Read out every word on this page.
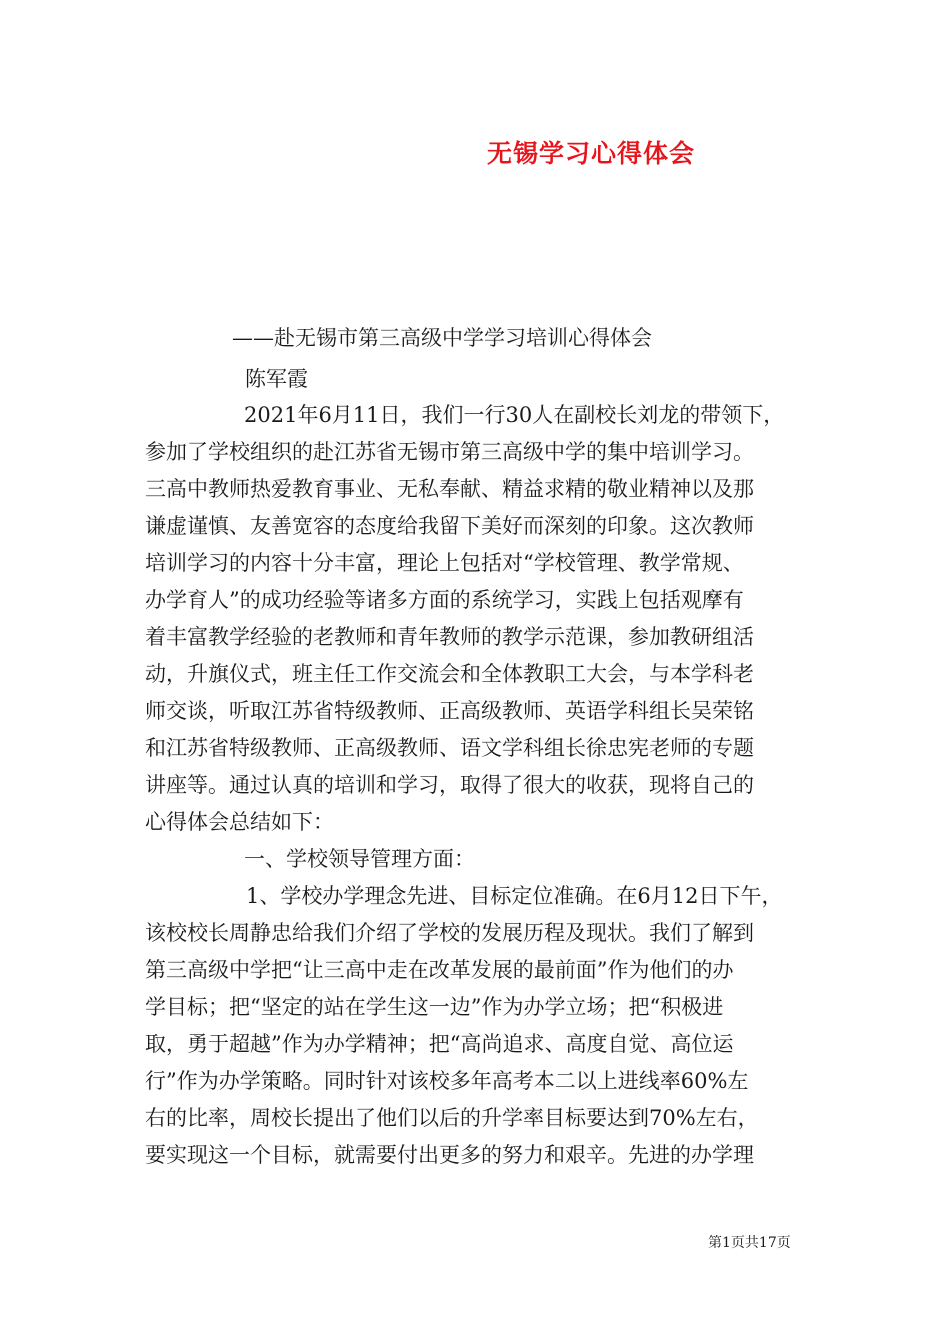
无锡学习心得体会

——赴无锡市第三高级中学学习培训心得体会

陈军霞

2021年6月11日，我们一行30人在副校长刘龙的带领下，

参加了学校组织的赴江苏省无锡市第三高级中学的集中培训学习。

三高中教师热爱教育事业、无私奉献、精益求精的敬业精神以及那

谦虚谨慎、友善宽容的态度给我留下美好而深刻的印象。这次教师

培训学习的内容十分丰富，理论上包括对“学校管理、教学常规、

办学育人”的成功经验等诸多方面的系统学习，实践上包括观摩有

着丰富教学经验的老教师和青年教师的教学示范课，参加教研组活

动，升旗仪式，班主任工作交流会和全体教职工大会，与本学科老

师交谈，听取江苏省特级教师、正高级教师、英语学科组长吴荣铭

和江苏省特级教师、正高级教师、语文学科组长徐忠宪老师的专题

讲座等。通过认真的培训和学习，取得了很大的收获，现将自己的

心得体会总结如下：

一、学校领导管理方面：

1、学校办学理念先进、目标定位准确。在6月12日下午，

该校校长周静忠给我们介绍了学校的发展历程及现状。我们了解到

第三高级中学把“让三高中走在改革发展的最前面”作为他们的办

学目标；把“坚定的站在学生这一边”作为办学立场；把“积极进

取，勇于超越”作为办学精神；把“高尚追求、高度自觉、高位运

行”作为办学策略。同时针对该校多年高考本二以上进线率60%左

右的比率，周校长提出了他们以后的升学率目标要达到70%左右，

要实现这一个目标，就需要付出更多的努力和艰辛。先进的办学理

第1页共17页
